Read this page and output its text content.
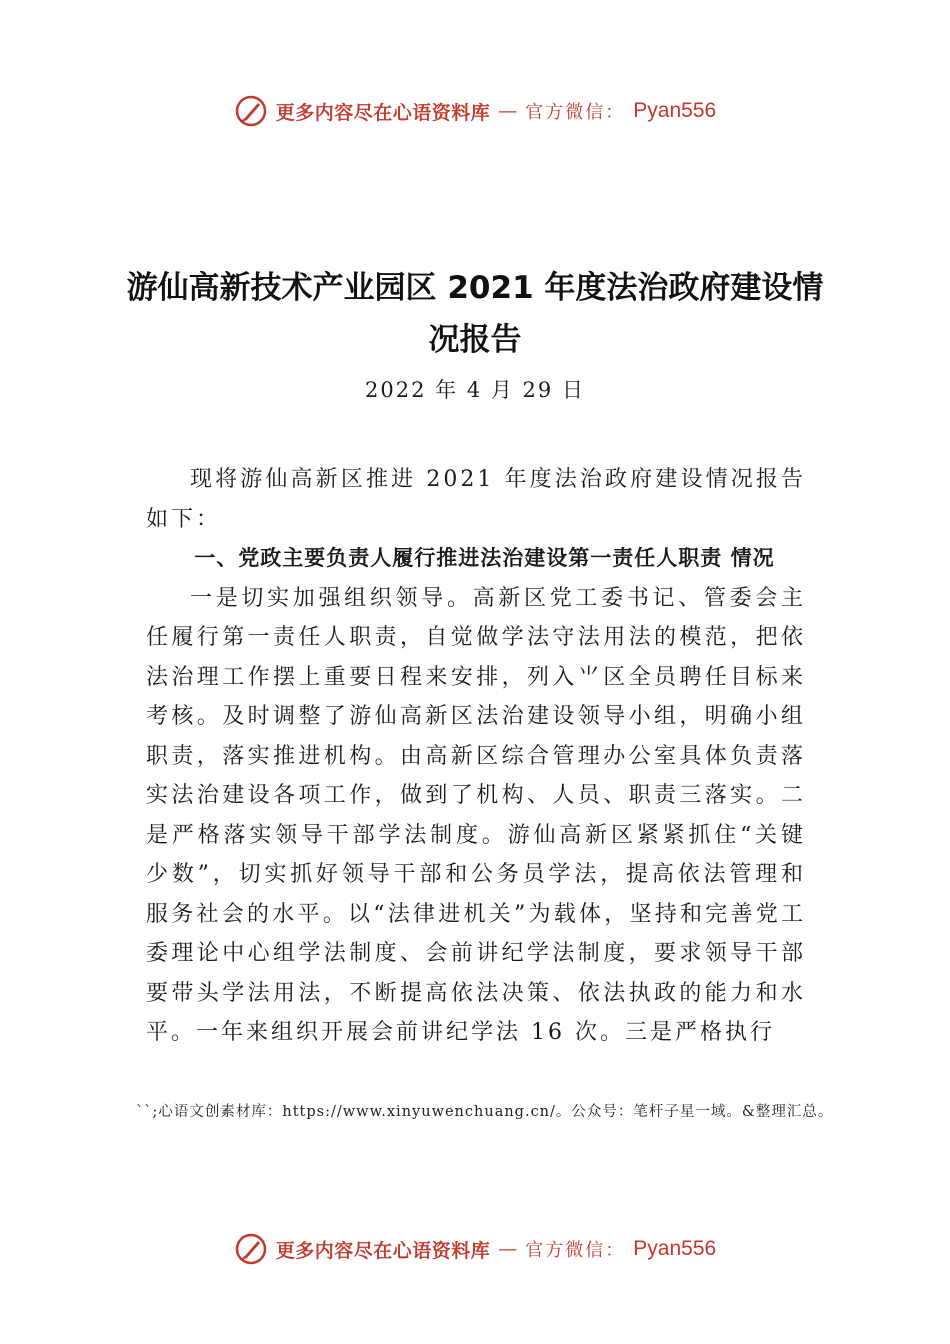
更多内容尽在心语资料库 — 官方微信： Pyan556
游仙高新技术产业园区 2021 年度法治政府建设情况报告
2022 年 4 月 29 日

现将游仙高新区推进 2021 年度法治政府建设情况报告如下：

一、党政主要负责人履行推进法治建设第一责任人职责 情况

一是切实加强组织领导。高新区党工委书记、管委会主任履行第一责任人职责，自觉做学法守法用法的模范，把依法治理工作摆上重要日程来安排，列入⺌区全员聘任目标来考核。及时调整了游仙高新区法治建设领导小组，明确小组职责，落实推进机构。由高新区综合管理办公室具体负责落实法治建设各项工作，做到了机构、人员、职责三落实。二是严格落实领导干部学法制度。游仙高新区紧紧抓住“关键少数”，切实抓好领导干部和公务员学法，提高依法管理和服务社会的水平。以“法律进机关”为载体，坚持和完善党工委理论中心组学法制度、会前讲纪学法制度，要求领导干部要带头学法用法，不断提高依法决策、依法执政的能力和水平。一年来组织开展会前讲纪学法 16 次。三是严格执行

``;心语文创素材库：https://www.xinyuwenchuang.cn/。公众号：笔杆子星一域。&整理汇总。
更多内容尽在心语资料库 — 官方微信： Pyan556
